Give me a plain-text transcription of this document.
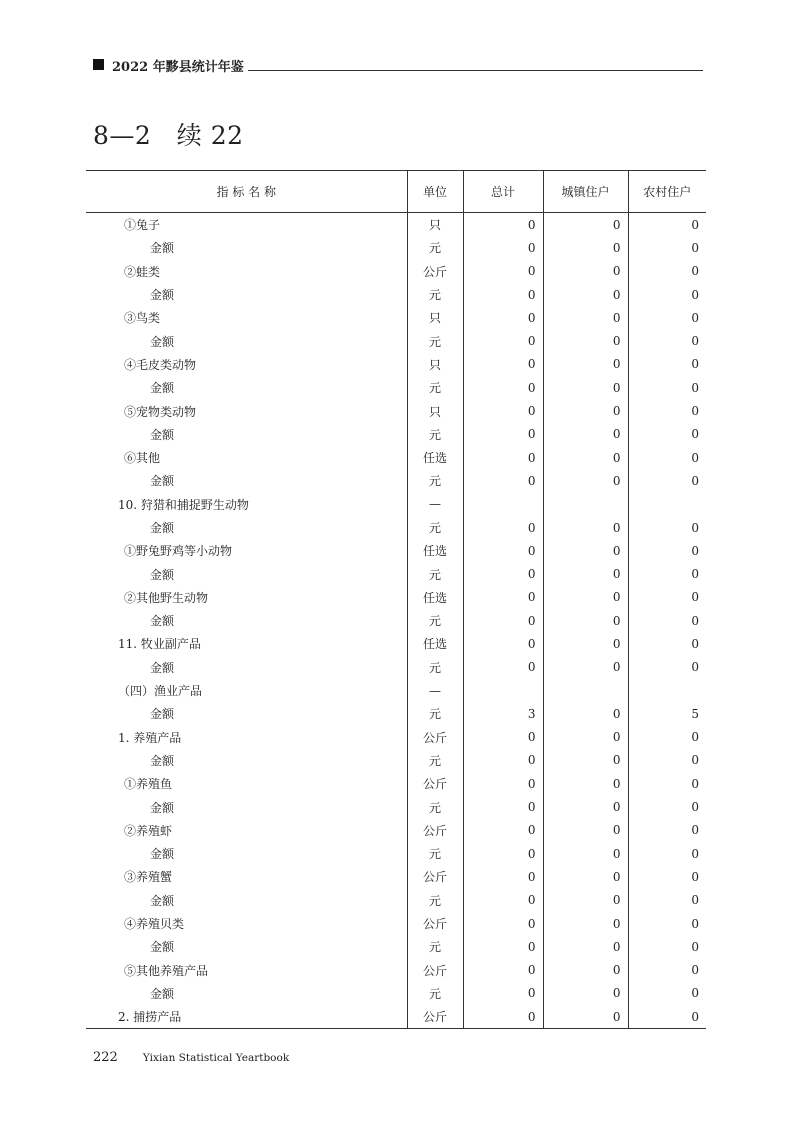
2022 年黟县统计年鉴
8—2　续 22
指 标 名 称	单位	总计	城镇住户	农村住户
①兔子	只	0	0	0
金额	元	0	0	0
②蛙类	公斤	0	0	0
金额	元	0	0	0
③鸟类	只	0	0	0
金额	元	0	0	0
④毛皮类动物	只	0	0	0
金额	元	0	0	0
⑤宠物类动物	只	0	0	0
金额	元	0	0	0
⑥其他	任选	0	0	0
金额	元	0	0	0
10. 狩猎和捕捉野生动物	—			
金额	元	0	0	0
①野兔野鸡等小动物	任选	0	0	0
金额	元	0	0	0
②其他野生动物	任选	0	0	0
金额	元	0	0	0
11. 牧业副产品	任选	0	0	0
金额	元	0	0	0
（四）渔业产品	—			
金额	元	3	0	5
1. 养殖产品	公斤	0	0	0
金额	元	0	0	0
①养殖鱼	公斤	0	0	0
金额	元	0	0	0
②养殖虾	公斤	0	0	0
金额	元	0	0	0
③养殖蟹	公斤	0	0	0
金额	元	0	0	0
④养殖贝类	公斤	0	0	0
金额	元	0	0	0
⑤其他养殖产品	公斤	0	0	0
金额	元	0	0	0
2. 捕捞产品	公斤	0	0	0
222 Yixian Statistical Yeartbook
